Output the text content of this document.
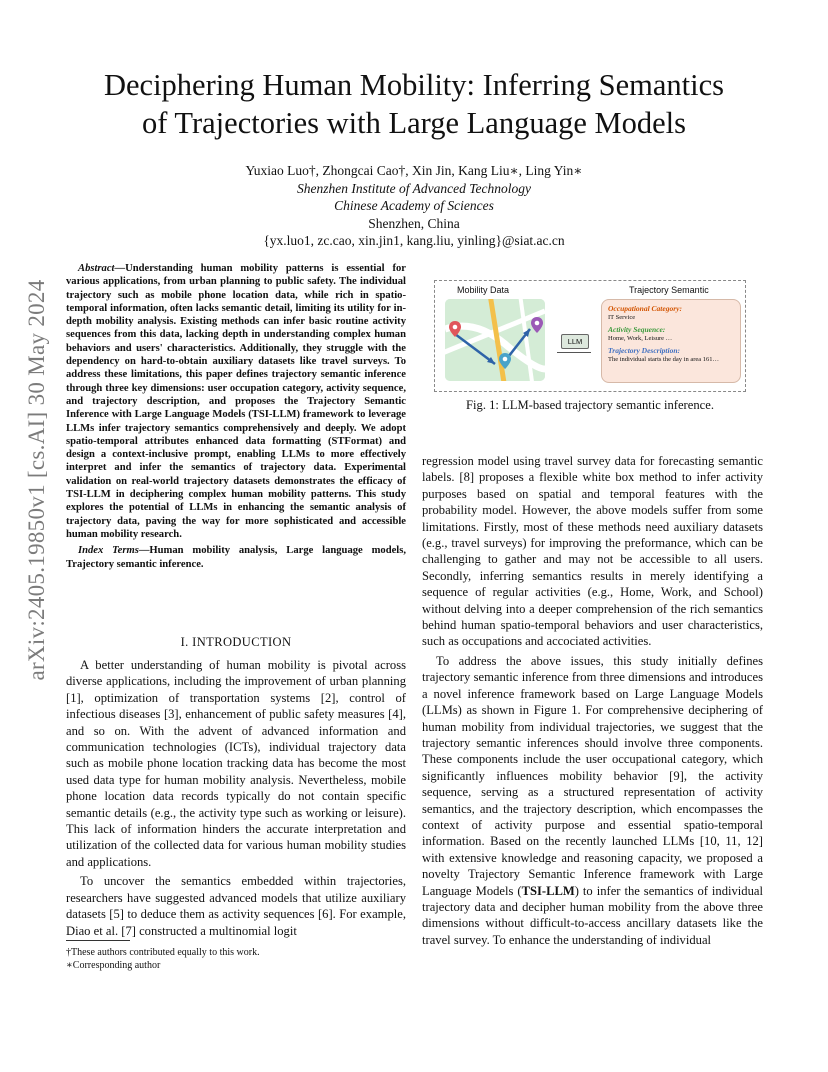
arXiv:2405.19850v1 [cs.AI] 30 May 2024
Deciphering Human Mobility: Inferring Semantics
of Trajectories with Large Language Models
Yuxiao Luo†, Zhongcai Cao†, Xin Jin, Kang Liu∗, Ling Yin∗
Shenzhen Institute of Advanced Technology
Chinese Academy of Sciences
Shenzhen, China
{yx.luo1, zc.cao, xin.jin1, kang.liu, yinling}@siat.ac.cn

Abstract—Understanding human mobility patterns is essential for various applications, from urban planning to public safety. The individual trajectory such as mobile phone location data, while rich in spatio-temporal information, often lacks semantic detail, limiting its utility for in-depth mobility analysis. Existing methods can infer basic routine activity sequences from this data, lacking depth in understanding complex human behaviors and users' characteristics. Additionally, they struggle with the dependency on hard-to-obtain auxiliary datasets like travel surveys. To address these limitations, this paper defines trajectory semantic inference through three key dimensions: user occupation category, activity sequence, and trajectory description, and proposes the Trajectory Semantic Inference with Large Language Models (TSI-LLM) framework to leverage LLMs infer trajectory semantics comprehensively and deeply. We adopt spatio-temporal attributes enhanced data formatting (STFormat) and design a context-inclusive prompt, enabling LLMs to more effectively interpret and infer the semantics of trajectory data. Experimental validation on real-world trajectory datasets demonstrates the efficacy of TSI-LLM in deciphering complex human mobility patterns. This study explores the potential of LLMs in enhancing the semantic analysis of trajectory data, paving the way for more sophisticated and accessible human mobility research.

Index Terms—Human mobility analysis, Large language models, Trajectory semantic inference.

I. INTRODUCTION

A better understanding of human mobility is pivotal across diverse applications, including the improvement of urban planning [1], optimization of transportation systems [2], control of infectious diseases [3], enhancement of public safety measures [4], and so on. With the advent of advanced information and communication technologies (ICTs), individual trajectory data such as mobile phone location tracking data has become the most used data type for human mobility analysis. Nevertheless, mobile phone location data records typically do not contain specific semantic details (e.g., the activity type such as working or leisure). This lack of information hinders the accurate interpretation and utilization of the collected data for various human mobility studies and applications.

To uncover the semantics embedded within trajectories, researchers have suggested advanced models that utilize auxiliary datasets [5] to deduce them as activity sequences [6]. For example, Diao et al. [7] constructed a multinomial logit

†These authors contributed equally to this work.
∗Corresponding author
Mobility Data	Trajectory Semantic
LLM

Occupational Category:

IT Service

Activity Sequence:

Home, Work, Leisure …

Trajectory Description:

The individual starts the day in area 161…

Fig. 1: LLM-based trajectory semantic inference.

regression model using travel survey data for forecasting semantic labels. [8] proposes a flexible white box method to infer activity purposes based on spatial and temporal features with the probability model. However, the above models suffer from some limitations. Firstly, most of these methods need auxiliary datasets (e.g., travel surveys) for improving the preformance, which can be challenging to gather and may not be accessible to all users. Secondly, inferring semantics results in merely identifying a sequence of regular activities (e.g., Home, Work, and School) without delving into a deeper comprehension of the rich semantics behind human spatio-temporal behaviors and user characteristics, such as occupations and accociated activities.

To address the above issues, this study initially defines trajectory semantic inference from three dimensions and introduces a novel inference framework based on Large Language Models (LLMs) as shown in Figure 1. For comprehensive deciphering of human mobility from individual trajectories, we suggest that the trajectory semantic inferences should involve three components. These components include the user occupational category, which significantly influences mobility behavior [9], the activity sequence, serving as a structured representation of activity semantics, and the trajectory description, which encompasses the context of activity purpose and essential spatio-temporal information. Based on the recently launched LLMs [10, 11, 12] with extensive knowledge and reasoning capacity, we proposed a novelty Trajectory Semantic Inference framework with Large Language Models (TSI-LLM) to infer the semantics of individual trajectory data and decipher human mobility from the above three dimensions without difficult-to-access ancillary datasets like the travel survey. To enhance the understanding of individual
